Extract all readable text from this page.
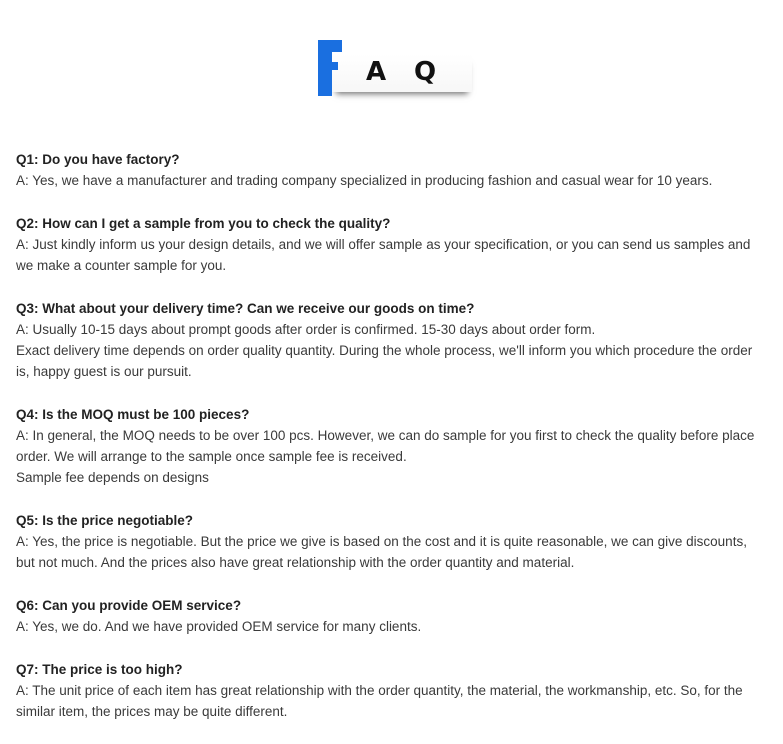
A Q

Q1: Do you have factory?

A: Yes, we have a manufacturer and trading company specialized in producing fashion and casual wear for 10 years.

Q2: How can I get a sample from you to check the quality?

A: Just kindly inform us your design details, and we will offer sample as your specification, or you can send us samples and we make a counter sample for you.

Q3: What about your delivery time? Can we receive our goods on time?

A: Usually 10-15 days about prompt goods after order is confirmed. 15-30 days about order form.

Exact delivery time depends on order quality quantity. During the whole process, we'll inform you which procedure the order is, happy guest is our pursuit.

Q4: Is the MOQ must be 100 pieces?

A: In general, the MOQ needs to be over 100 pcs. However, we can do sample for you first to check the quality before place order. We will arrange to the sample once sample fee is received.

Sample fee depends on designs

Q5: Is the price negotiable?

A: Yes, the price is negotiable. But the price we give is based on the cost and it is quite reasonable, we can give discounts, but not much. And the prices also have great relationship with the order quantity and material.

Q6: Can you provide OEM service?

A: Yes, we do. And we have provided OEM service for many clients.

Q7: The price is too high?

A: The unit price of each item has great relationship with the order quantity, the material, the workmanship, etc. So, for the similar item, the prices may be quite different.
